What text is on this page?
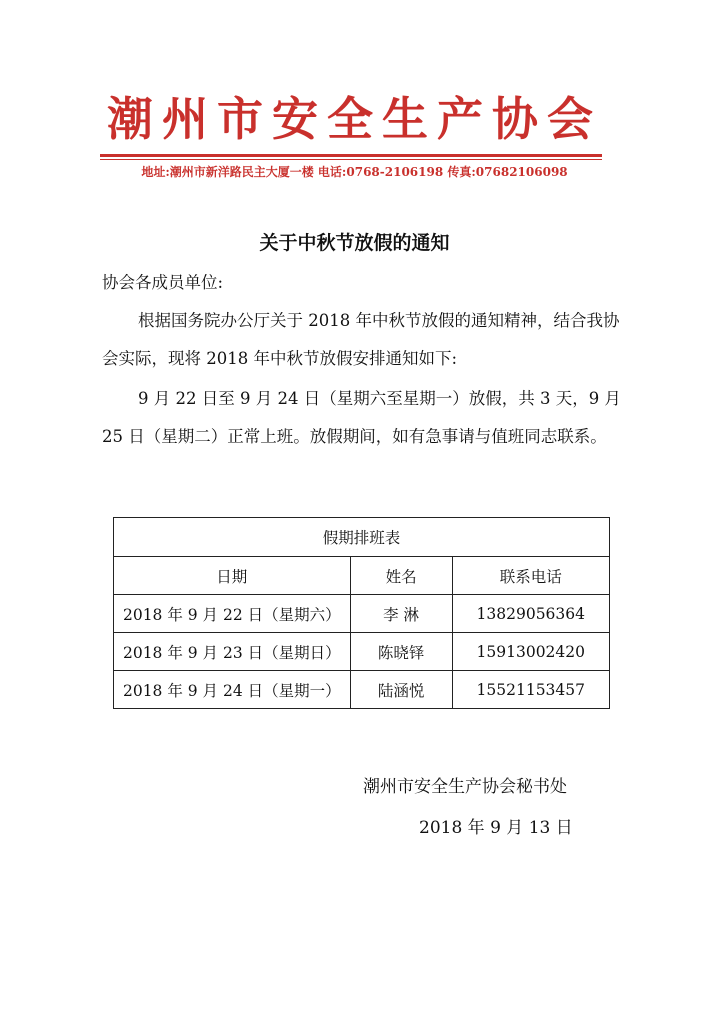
潮州市安全生产协会
地址:潮州市新洋路民主大厦一楼 电话:0768-2106198 传真:07682106098
关于中秋节放假的通知
协会各成员单位:
根据国务院办公厅关于 2018 年中秋节放假的通知精神，结合我协会实际，现将 2018 年中秋节放假安排通知如下:
9 月 22 日至 9 月 24 日（星期六至星期一）放假，共 3 天，9 月 25 日（星期二）正常上班。放假期间，如有急事请与值班同志联系。
假期排班表		
日期	姓名	联系电话
2018 年 9 月 22 日（星期六）	李 淋	13829056364
2018 年 9 月 23 日（星期日）	陈晓铎	15913002420
2018 年 9 月 24 日（星期一）	陆涵悦	15521153457
潮州市安全生产协会秘书处
2018 年 9 月 13 日
